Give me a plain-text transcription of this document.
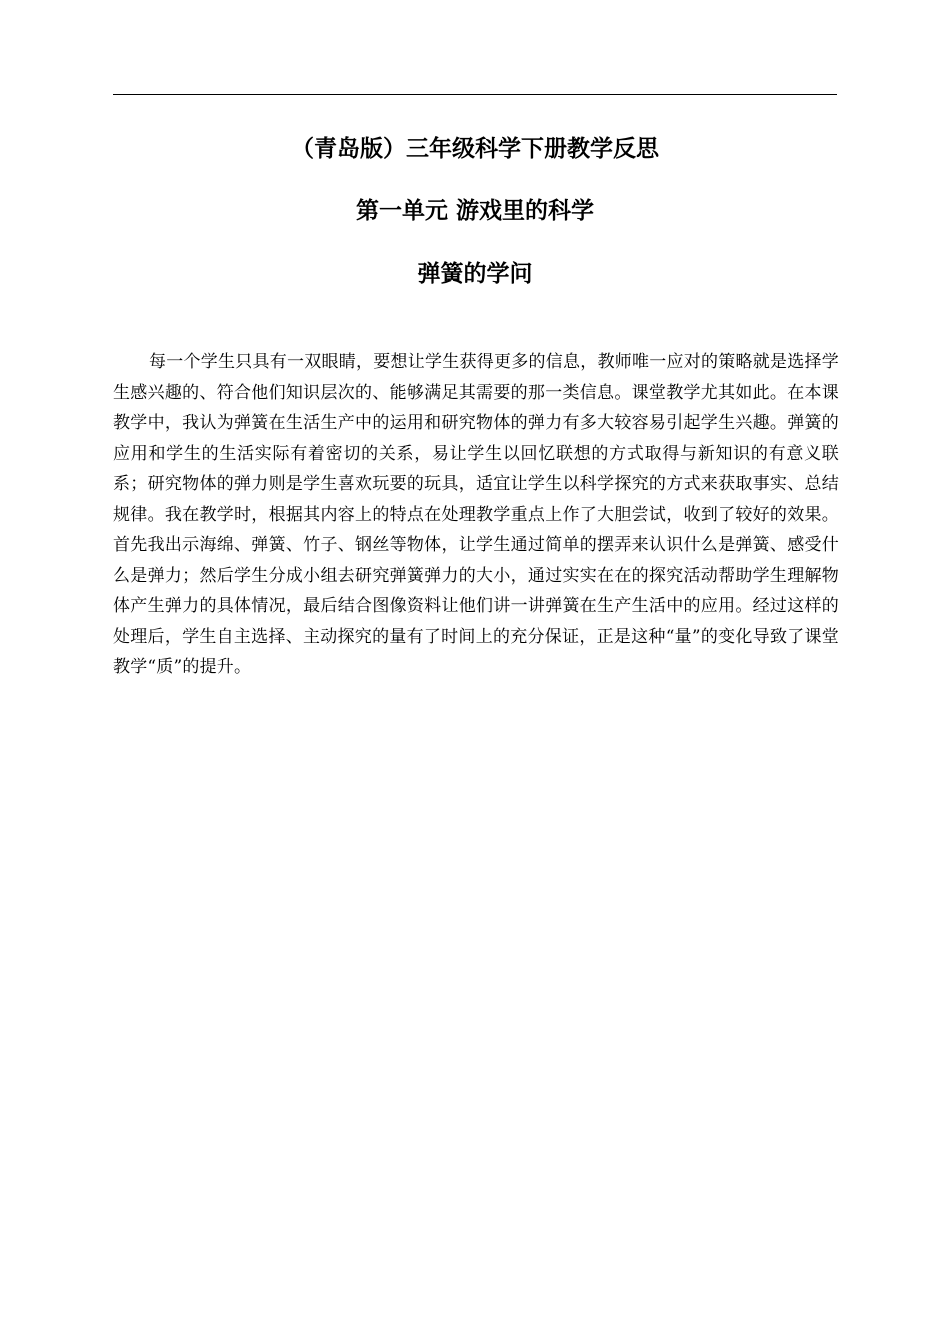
（青岛版）三年级科学下册教学反思
第一单元 游戏里的科学
弹簧的学问

每一个学生只具有一双眼睛，要想让学生获得更多的信息，教师唯一应对的策略就是选择学生感兴趣的、符合他们知识层次的、能够满足其需要的那一类信息。课堂教学尤其如此。在本课教学中，我认为弹簧在生活生产中的运用和研究物体的弹力有多大较容易引起学生兴趣。弹簧的应用和学生的生活实际有着密切的关系，易让学生以回忆联想的方式取得与新知识的有意义联系；研究物体的弹力则是学生喜欢玩要的玩具，适宜让学生以科学探究的方式来获取事实、总结规律。我在教学时，根据其内容上的特点在处理教学重点上作了大胆尝试，收到了较好的效果。首先我出示海绵、弹簧、竹子、钢丝等物体，让学生通过简单的摆弄来认识什么是弹簧、感受什么是弹力；然后学生分成小组去研究弹簧弹力的大小，通过实实在在的探究活动帮助学生理解物体产生弹力的具体情况，最后结合图像资料让他们讲一讲弹簧在生产生活中的应用。经过这样的处理后，学生自主选择、主动探究的量有了时间上的充分保证，正是这种“量”的变化导致了课堂教学“质”的提升。
